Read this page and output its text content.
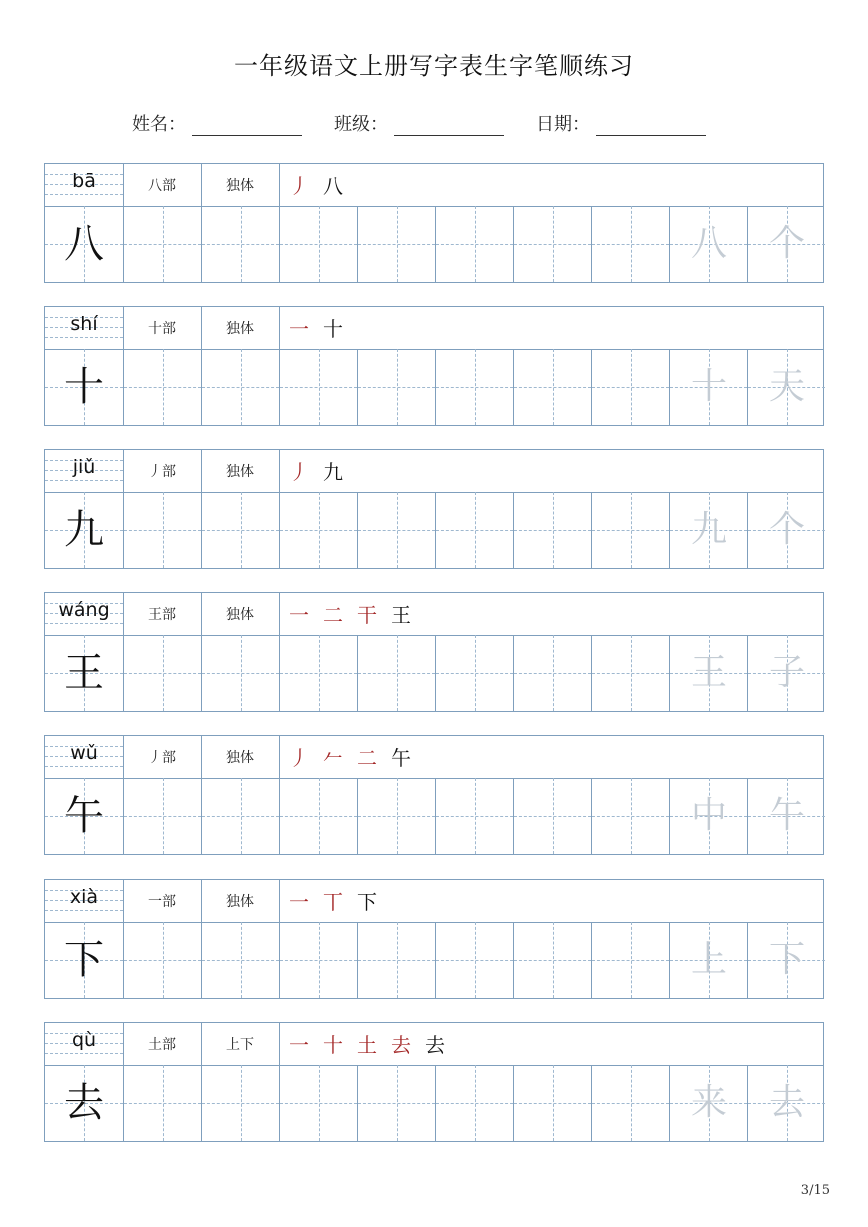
一年级语文上册写字表生字笔顺练习
姓名：	班级：	日期：
bā	八部	独体	丿 八
八	八	个
shí	十部	独体	一 十
十	十	天
jiǔ	丿部	独体	丿 九
九	九	个
wáng	王部	独体	一 二 干 王
王	王	子
wǔ	丿部	独体	丿 𠂉 二 午
午	中	午
xià	一部	独体	一 丅 下
下	上	下
qù	土部	上下	一 十 土 去 去
去	来	去
3/15
